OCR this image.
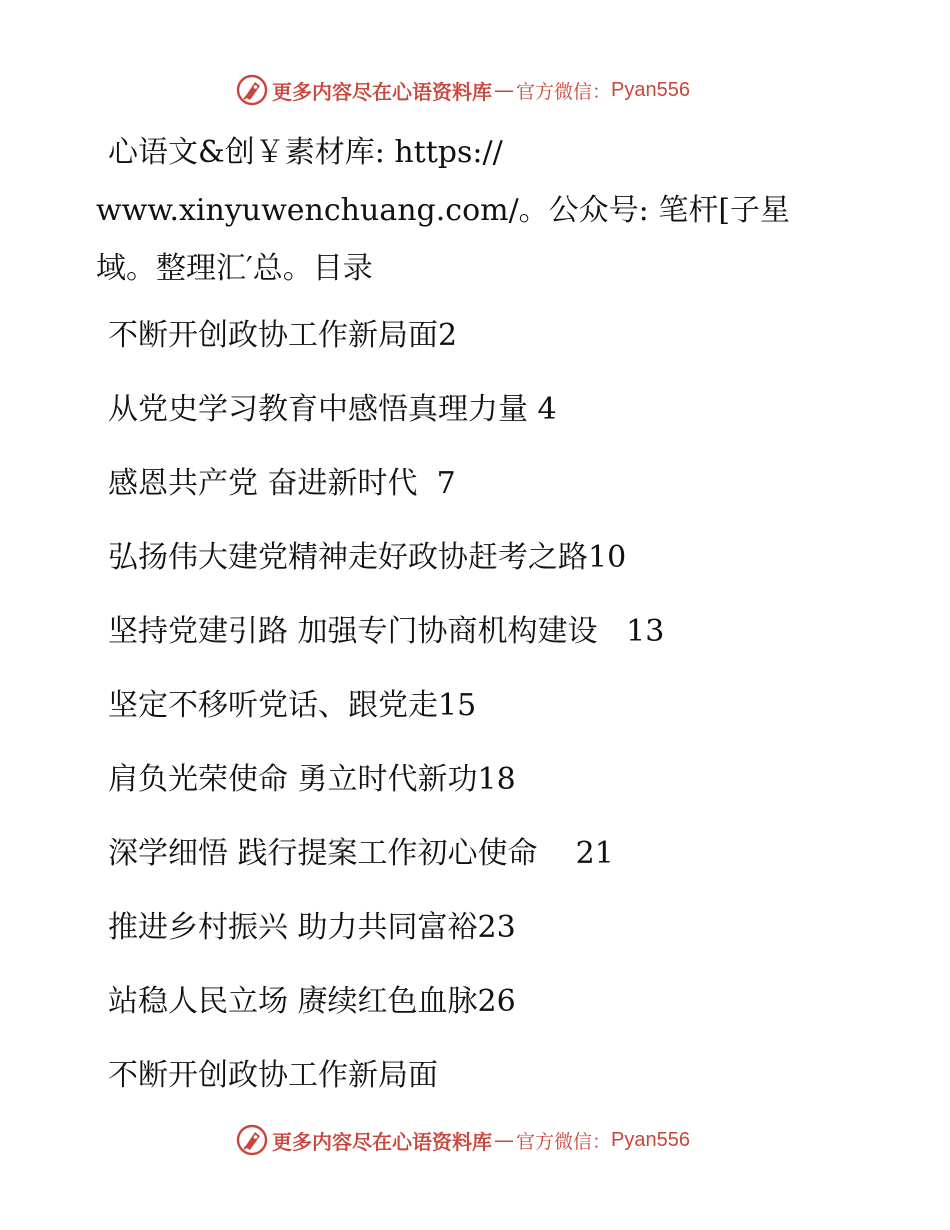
更多内容尽在心语资料库 — 官方微信： Pyan556
心语文&创￥素材库: https://
www.xinyuwenchuang.com/。公众号: 笔杆[子星
域。整理汇′总。目录
不断开创政协工作新局面2
从党史学习教育中感悟真理力量 4
感恩共产党 奋进新时代  7
弘扬伟大建党精神走好政协赶考之路10
坚持党建引路 加强专门协商机构建设   13
坚定不移听党话、跟党走15
肩负光荣使命 勇立时代新功18
深学细悟 践行提案工作初心使命    21
推进乡村振兴 助力共同富裕23
站稳人民立场 赓续红色血脉26
不断开创政协工作新局面
更多内容尽在心语资料库 — 官方微信： Pyan556
